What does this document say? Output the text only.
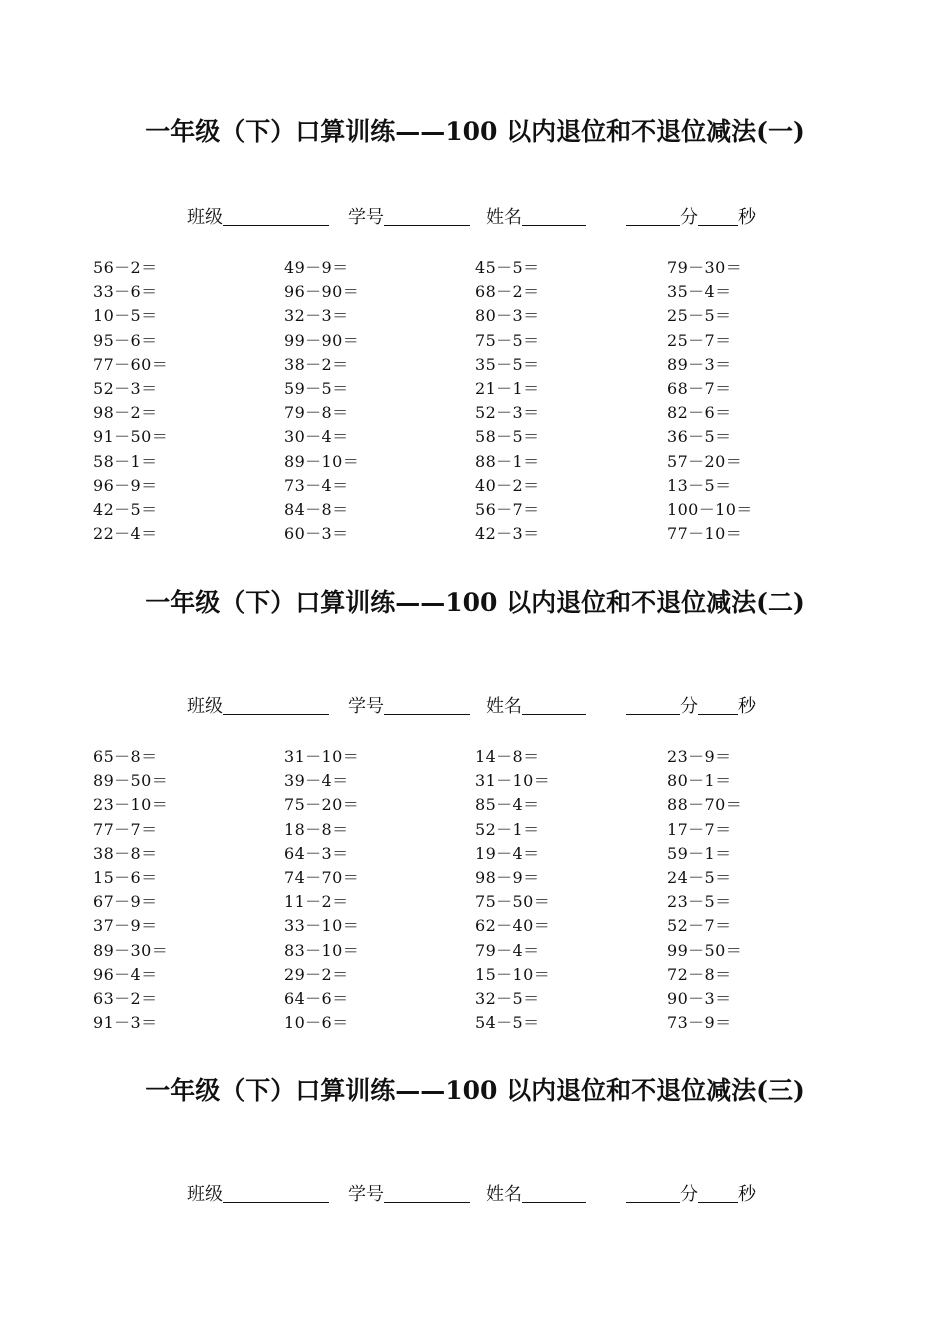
一年级（下）口算训练——100 以内退位和不退位减法(一)
班级	学号	姓名	分 秒
56－2＝	49－9＝	45－5＝	79－30＝
33－6＝	96－90＝	68－2＝	35－4＝
10－5＝	32－3＝	80－3＝	25－5＝
95－6＝	99－90＝	75－5＝	25－7＝
77－60＝	38－2＝	35－5＝	89－3＝
52－3＝	59－5＝	21－1＝	68－7＝
98－2＝	79－8＝	52－3＝	82－6＝
91－50＝	30－4＝	58－5＝	36－5＝
58－1＝	89－10＝	88－1＝	57－20＝
96－9＝	73－4＝	40－2＝	13－5＝
42－5＝	84－8＝	56－7＝	100－10＝
22－4＝	60－3＝	42－3＝	77－10＝
一年级（下）口算训练——100 以内退位和不退位减法(二)
班级	学号	姓名	分 秒
65－8＝	31－10＝	14－8＝	23－9＝
89－50＝	39－4＝	31－10＝	80－1＝
23－10＝	75－20＝	85－4＝	88－70＝
77－7＝	18－8＝	52－1＝	17－7＝
38－8＝	64－3＝	19－4＝	59－1＝
15－6＝	74－70＝	98－9＝	24－5＝
67－9＝	11－2＝	75－50＝	23－5＝
37－9＝	33－10＝	62－40＝	52－7＝
89－30＝	83－10＝	79－4＝	99－50＝
96－4＝	29－2＝	15－10＝	72－8＝
63－2＝	64－6＝	32－5＝	90－3＝
91－3＝	10－6＝	54－5＝	73－9＝
一年级（下）口算训练——100 以内退位和不退位减法(三)
班级	学号	姓名	分 秒
